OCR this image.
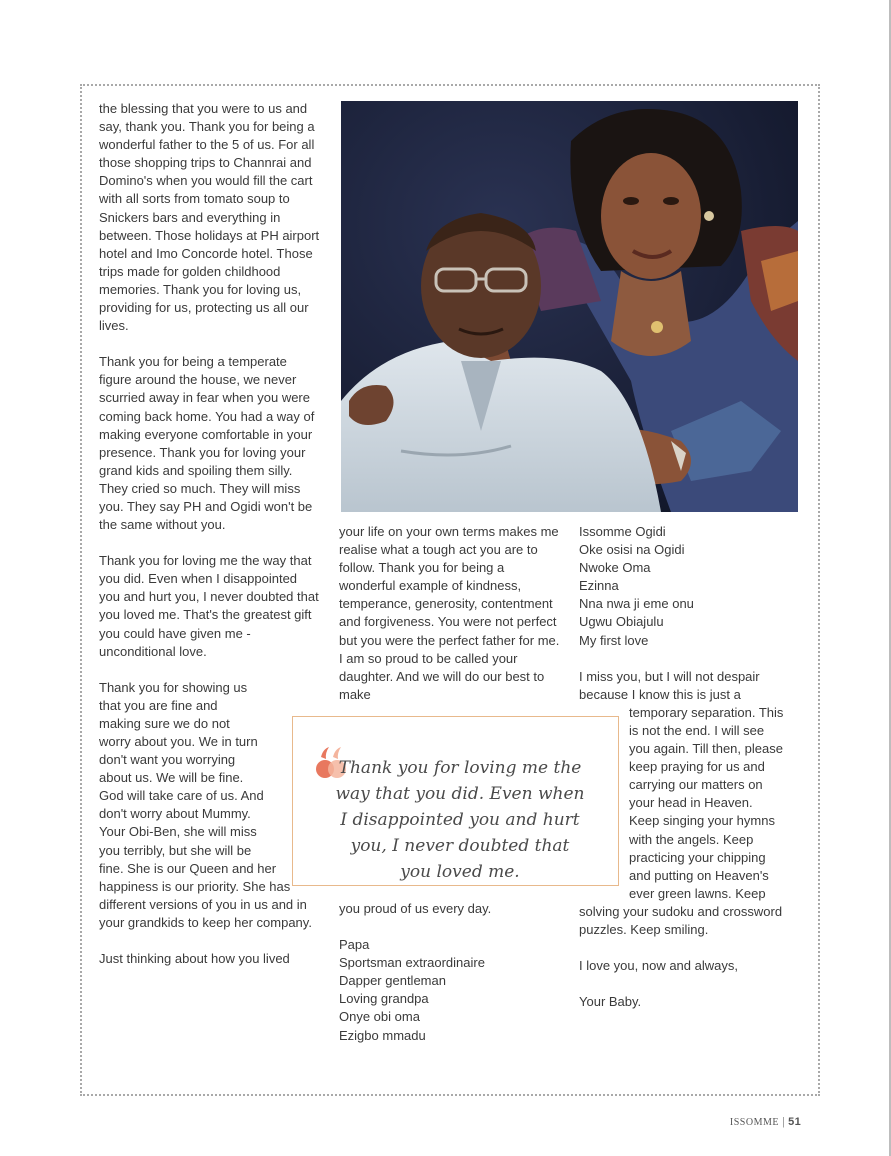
the blessing that you were to us and say, thank you. Thank you for being a wonderful father to the 5 of us. For all those shopping trips to Channrai and Domino's when you would fill the cart with all sorts from tomato soup to Snickers bars and everything in between. Those holidays at PH airport hotel and Imo Concorde hotel. Those trips made for golden childhood memories. Thank you for loving us, providing for us, protecting us all our lives.

Thank you for being a temperate figure around the house, we never scurried away in fear when you were coming back home. You had a way of making everyone comfortable in your presence. Thank you for loving your grand kids and spoiling them silly. They cried so much. They will miss you. They say PH and Ogidi won't be the same without you.

Thank you for loving me the way that you did. Even when I disappointed you and hurt you, I never doubted that you loved me. That's the greatest gift you could have given me - unconditional love.

Thank you for showing us
that you are fine and
making sure we do not
worry about you. We in turn
don't want you worrying
about us. We will be fine.
God will take care of us. And
don't worry about Mummy.
Your Obi-Ben, she will miss
you terribly, but she will be

fine. She is our Queen and her happiness is our priority. She has different versions of you in us and in your grandkids to keep her company.

Just thinking about how you lived

your life on your own terms makes me realise what a tough act you are to follow. Thank you for being a wonderful example of kindness, temperance, generosity, contentment and forgiveness. You were not perfect but you were the perfect father for me. I am so proud to be called your daughter. And we will do our best to make

Thank you for loving me the way that you did. Even when I disappointed you and hurt you, I never doubted that you loved me.

you proud of us every day.

Papa
Sportsman extraordinaire
Dapper gentleman
Loving grandpa
Onye obi oma
Ezigbo mmadu
Issomme Ogidi
Oke osisi na Ogidi
Nwoke Oma
Ezinna
Nna nwa ji eme onu
Ugwu Obiajulu
My first love
I miss you, but I will not despair
because I know this is just a
temporary separation. This
is not the end. I will see
you again. Till then, please
keep praying for us and
carrying our matters on
your head in Heaven.
Keep singing your hymns
with the angels. Keep
practicing your chipping
and putting on Heaven's
ever green lawns. Keep

solving your sudoku and crossword puzzles. Keep smiling.

I love you, now and always,

Your Baby.

ISSOMME | 51
